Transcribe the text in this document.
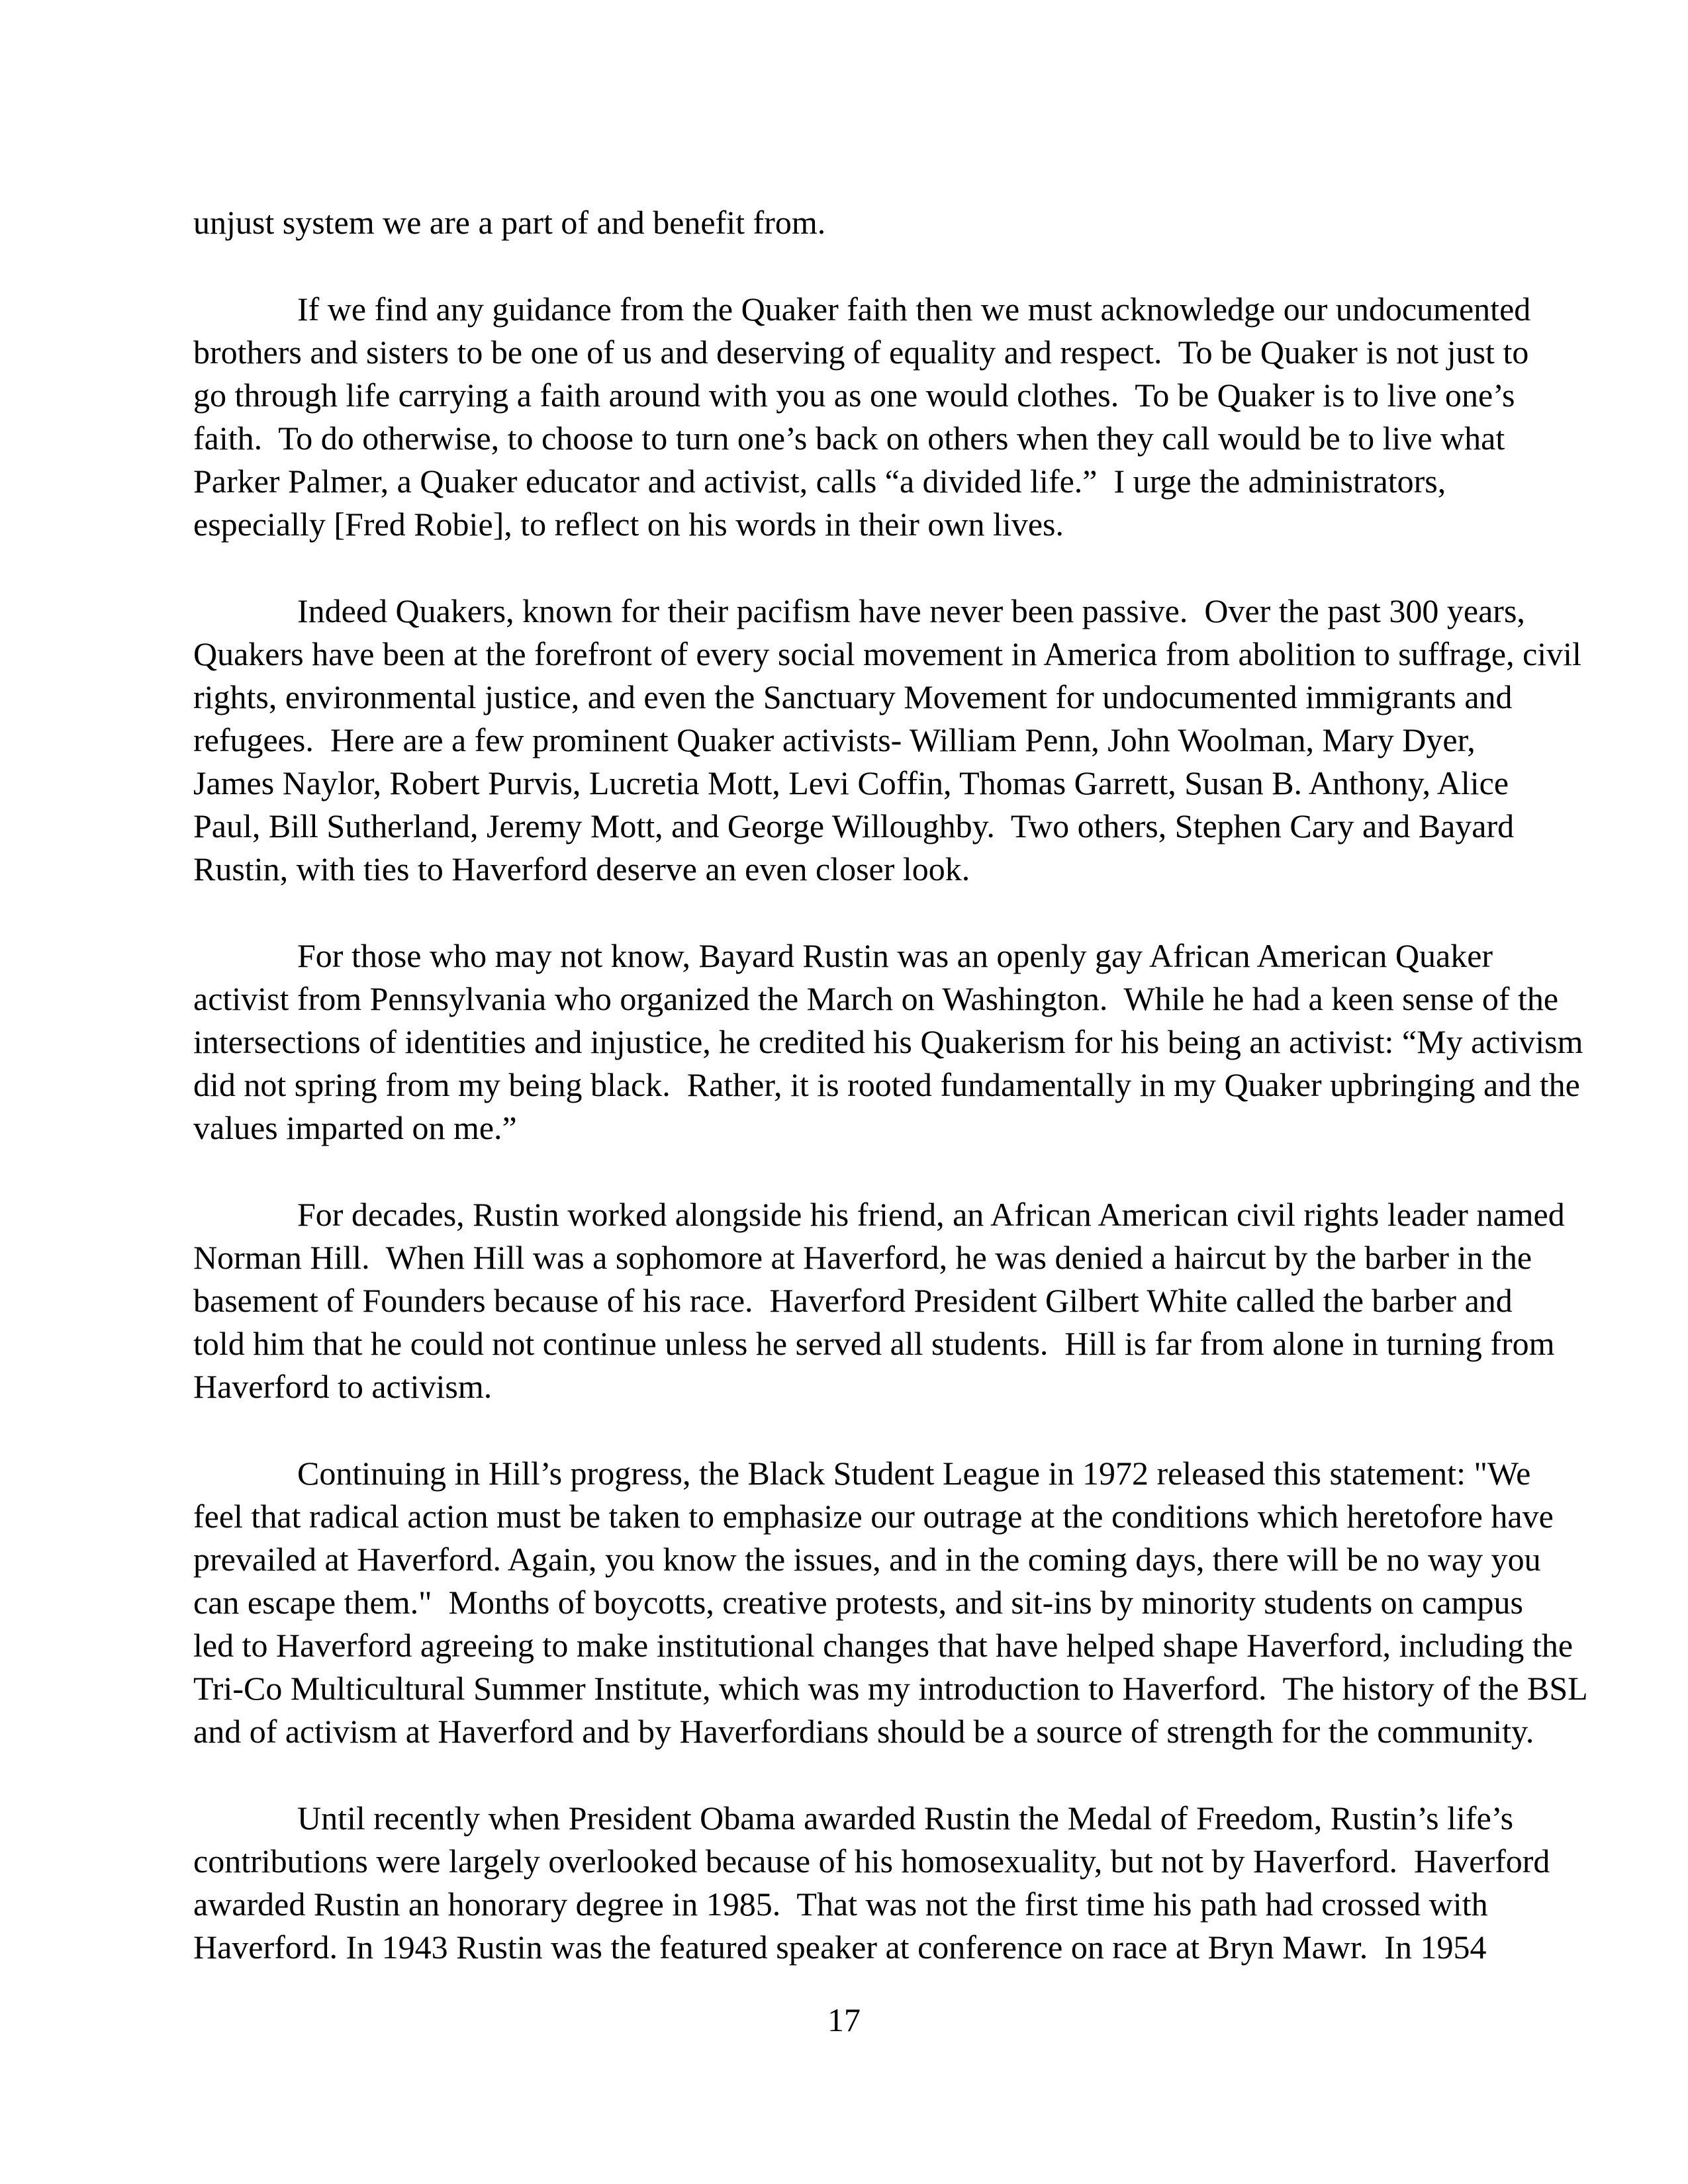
unjust system we are a part of and benefit from.

If we find any guidance from the Quaker faith then we must acknowledge our undocumented
brothers and sisters to be one of us and deserving of equality and respect.  To be Quaker is not just to
go through life carrying a faith around with you as one would clothes.  To be Quaker is to live one’s
faith.  To do otherwise, to choose to turn one’s back on others when they call would be to live what
Parker Palmer, a Quaker educator and activist, calls “a divided life.”  I urge the administrators,
especially [Fred Robie], to reflect on his words in their own lives.

Indeed Quakers, known for their pacifism have never been passive.  Over the past 300 years,
Quakers have been at the forefront of every social movement in America from abolition to suffrage, civil
rights, environmental justice, and even the Sanctuary Movement for undocumented immigrants and
refugees.  Here are a few prominent Quaker activists- William Penn, John Woolman, Mary Dyer,
James Naylor, Robert Purvis, Lucretia Mott, Levi Coffin, Thomas Garrett, Susan B. Anthony, Alice
Paul, Bill Sutherland, Jeremy Mott, and George Willoughby.  Two others, Stephen Cary and Bayard
Rustin, with ties to Haverford deserve an even closer look.

For those who may not know, Bayard Rustin was an openly gay African American Quaker
activist from Pennsylvania who organized the March on Washington.  While he had a keen sense of the
intersections of identities and injustice, he credited his Quakerism for his being an activist: “My activism
did not spring from my being black.  Rather, it is rooted fundamentally in my Quaker upbringing and the
values imparted on me.”

For decades, Rustin worked alongside his friend, an African American civil rights leader named
Norman Hill.  When Hill was a sophomore at Haverford, he was denied a haircut by the barber in the
basement of Founders because of his race.  Haverford President Gilbert White called the barber and
told him that he could not continue unless he served all students.  Hill is far from alone in turning from
Haverford to activism.

Continuing in Hill’s progress, the Black Student League in 1972 released this statement: "We
feel that radical action must be taken to emphasize our outrage at the conditions which heretofore have
prevailed at Haverford. Again, you know the issues, and in the coming days, there will be no way you
can escape them."  Months of boycotts, creative protests, and sit-ins by minority students on campus
led to Haverford agreeing to make institutional changes that have helped shape Haverford, including the
Tri-Co Multicultural Summer Institute, which was my introduction to Haverford.  The history of the BSL
and of activism at Haverford and by Haverfordians should be a source of strength for the community.

Until recently when President Obama awarded Rustin the Medal of Freedom, Rustin’s life’s
contributions were largely overlooked because of his homosexuality, but not by Haverford.  Haverford
awarded Rustin an honorary degree in 1985.  That was not the first time his path had crossed with
Haverford. In 1943 Rustin was the featured speaker at conference on race at Bryn Mawr.  In 1954

17
